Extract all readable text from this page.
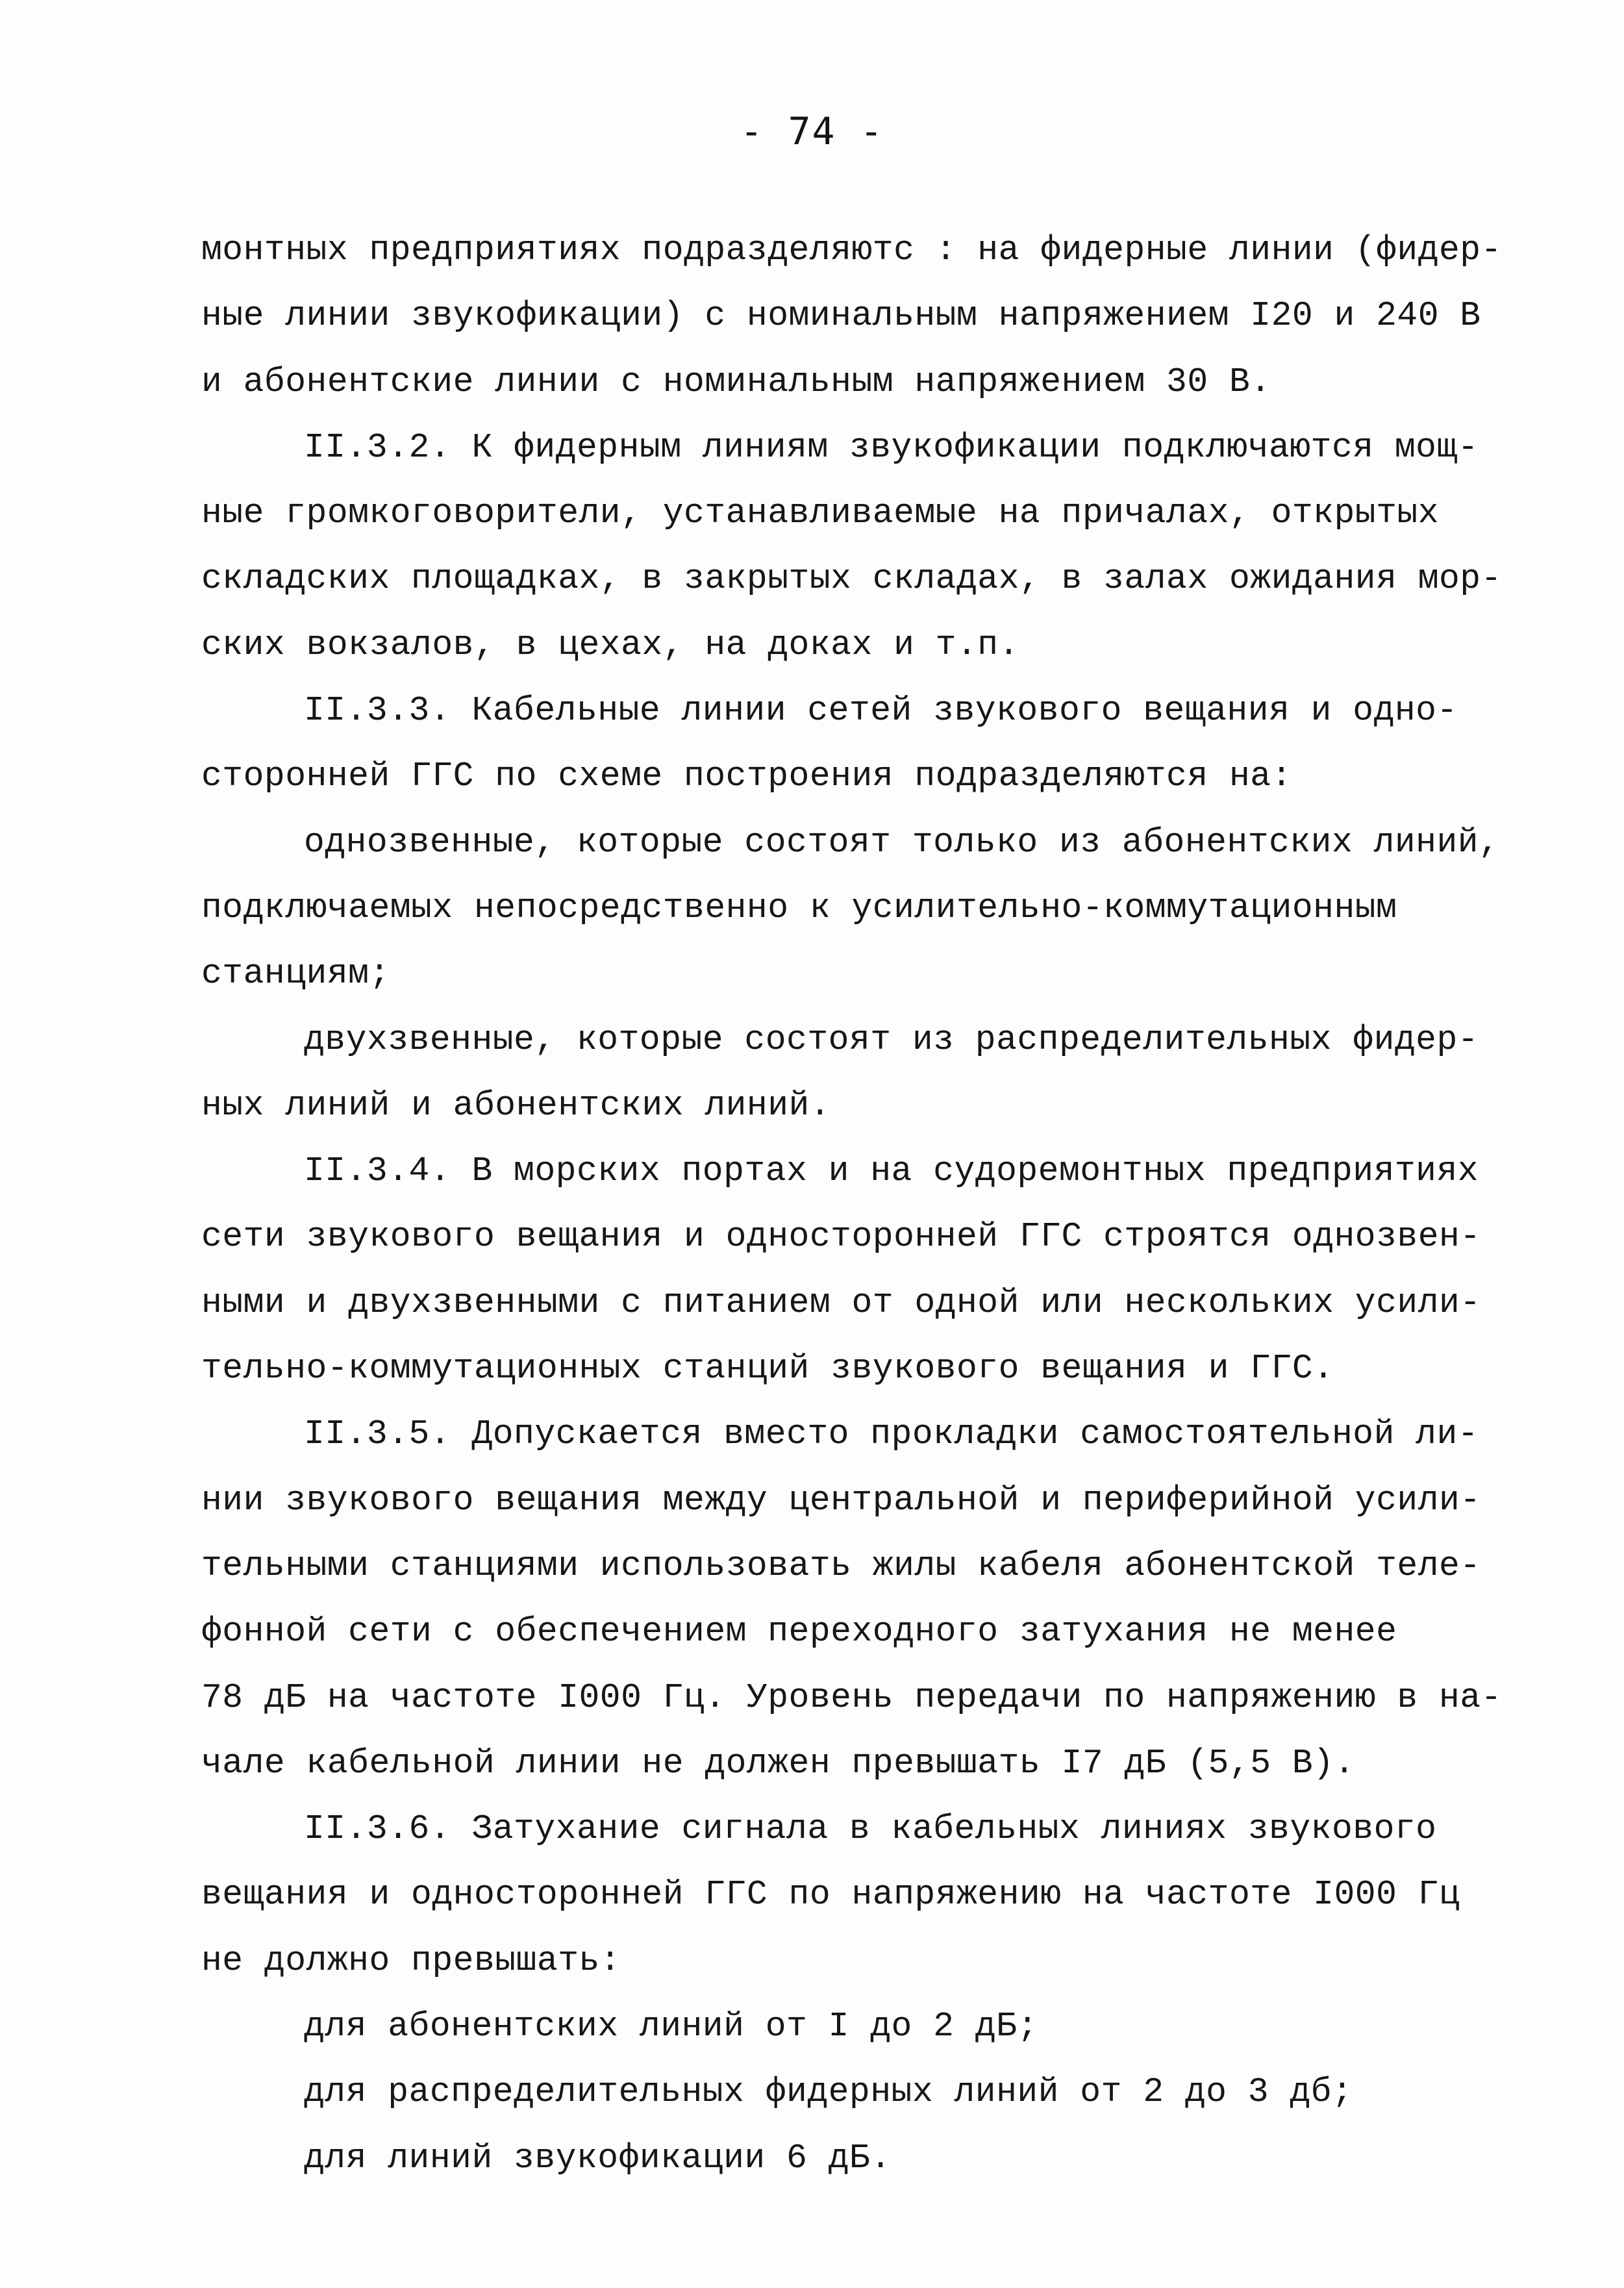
- 74 -
монтных предприятиях подразделяютс : на фидерные линии (фидер-
ные линии звукофикации) с номинальным напряжением I20 и 240 В
и абонентские линии с номинальным напряжением 30 В.
II.3.2. К фидерным линиям звукофикации подключаются мощ-
ные громкоговорители, устанавливаемые на причалах, открытых
складских площадках, в закрытых складах, в залах ожидания мор-
ских вокзалов, в цехах, на доках и т.п.
II.3.3. Кабельные линии сетей звукового вещания и одно-
сторонней ГГС по схеме построения подразделяются на:
однозвенные, которые состоят только из абонентских линий,
подключаемых непосредственно к усилительно-коммутационным
станциям;
двухзвенные, которые состоят из распределительных фидер-
ных линий и абонентских линий.
II.3.4. В морских портах и на судоремонтных предприятиях
сети звукового вещания и односторонней ГГС строятся однозвен-
ными и двухзвенными с питанием от одной или нескольких усили-
тельно-коммутационных станций звукового вещания и ГГС.
II.3.5. Допускается вместо прокладки самостоятельной ли-
нии звукового вещания между центральной и периферийной усили-
тельными станциями использовать жилы кабеля абонентской теле-
фонной сети с обеспечением переходного затухания не менее
78 дБ на частоте I000 Гц. Уровень передачи по напряжению в на-
чале кабельной линии не должен превышать I7 дБ (5,5 В).
II.3.6. Затухание сигнала в кабельных линиях звукового
вещания и односторонней ГГС по напряжению на частоте I000 Гц
не должно превышать:
для абонентских линий от I до 2 дБ;
для распределительных фидерных линий от 2 до 3 дб;
для линий звукофикации 6 дБ.
